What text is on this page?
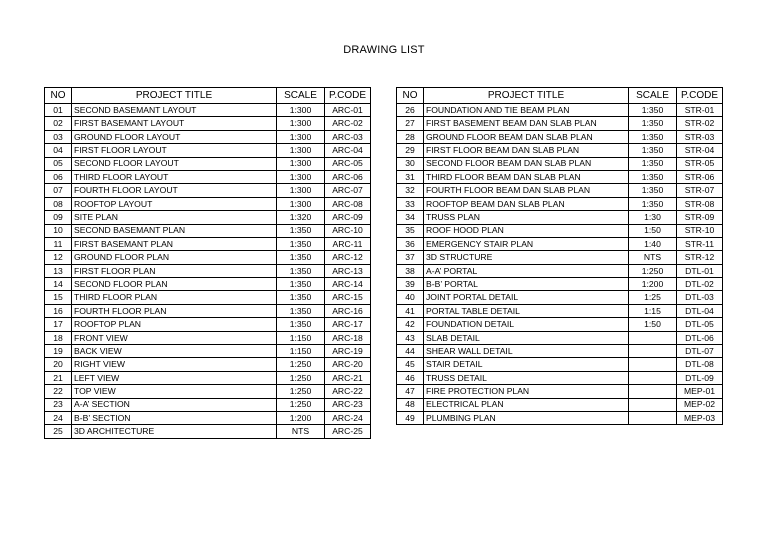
DRAWING LIST
NO	PROJECT TITLE	SCALE	P.CODE
01	SECOND BASEMANT LAYOUT	1:300	ARC-01
02	FIRST BASEMANT LAYOUT	1:300	ARC-02
03	GROUND FLOOR LAYOUT	1:300	ARC-03
04	FIRST FLOOR LAYOUT	1:300	ARC-04
05	SECOND FLOOR LAYOUT	1:300	ARC-05
06	THIRD FLOOR LAYOUT	1:300	ARC-06
07	FOURTH FLOOR LAYOUT	1:300	ARC-07
08	ROOFTOP LAYOUT	1:300	ARC-08
09	SITE PLAN	1:320	ARC-09
10	SECOND BASEMANT PLAN	1:350	ARC-10
11	FIRST BASEMANT PLAN	1:350	ARC-11
12	GROUND FLOOR PLAN	1:350	ARC-12
13	FIRST FLOOR PLAN	1:350	ARC-13
14	SECOND FLOOR PLAN	1:350	ARC-14
15	THIRD FLOOR PLAN	1:350	ARC-15
16	FOURTH FLOOR PLAN	1:350	ARC-16
17	ROOFTOP PLAN	1:350	ARC-17
18	FRONT VIEW	1:150	ARC-18
19	BACK VIEW	1:150	ARC-19
20	RIGHT VIEW	1:250	ARC-20
21	LEFT VIEW	1:250	ARC-21
22	TOP VIEW	1:250	ARC-22
23	A-A’ SECTION	1:250	ARC-23
24	B-B’ SECTION	1:200	ARC-24
25	3D ARCHITECTURE	NTS	ARC-25
NO	PROJECT TITLE	SCALE	P.CODE
26	FOUNDATION AND TIE BEAM PLAN	1:350	STR-01
27	FIRST BASEMENT BEAM DAN SLAB PLAN	1:350	STR-02
28	GROUND FLOOR BEAM DAN SLAB PLAN	1:350	STR-03
29	FIRST FLOOR BEAM DAN SLAB PLAN	1:350	STR-04
30	SECOND FLOOR BEAM DAN SLAB PLAN	1:350	STR-05
31	THIRD FLOOR BEAM DAN SLAB PLAN	1:350	STR-06
32	FOURTH FLOOR BEAM DAN SLAB PLAN	1:350	STR-07
33	ROOFTOP BEAM DAN SLAB PLAN	1:350	STR-08
34	TRUSS PLAN	1:30	STR-09
35	ROOF HOOD PLAN	1:50	STR-10
36	EMERGENCY STAIR PLAN	1:40	STR-11
37	3D STRUCTURE	NTS	STR-12
38	A-A’ PORTAL	1:250	DTL-01
39	B-B’ PORTAL	1:200	DTL-02
40	JOINT PORTAL DETAIL	1:25	DTL-03
41	PORTAL TABLE DETAIL	1:15	DTL-04
42	FOUNDATION DETAIL	1:50	DTL-05
43	SLAB DETAIL		DTL-06
44	SHEAR WALL DETAIL		DTL-07
45	STAIR DETAIL		DTL-08
46	TRUSS DETAIL		DTL-09
47	FIRE PROTECTION PLAN		MEP-01
48	ELECTRICAL PLAN		MEP-02
49	PLUMBING PLAN		MEP-03
